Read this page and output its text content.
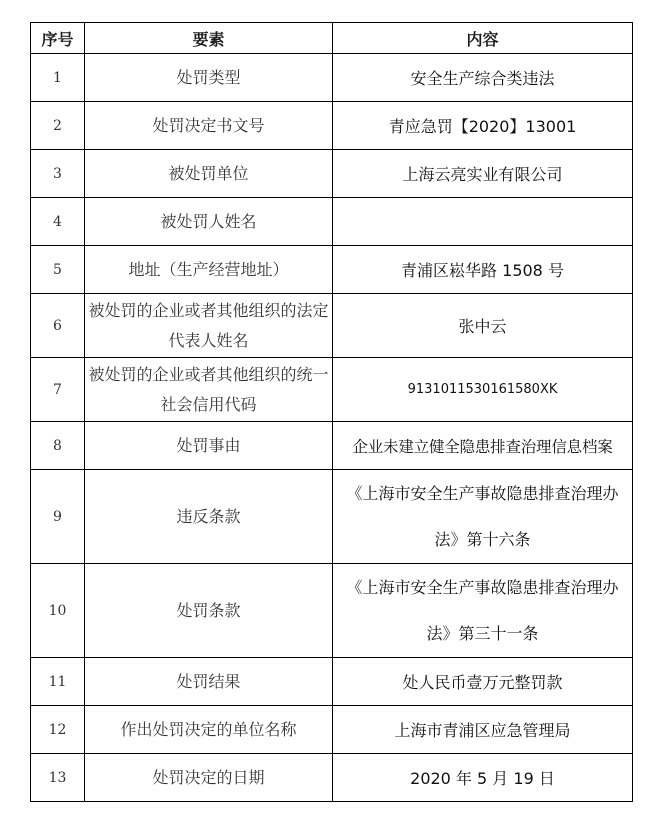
序号	要素	内容
1	处罚类型	安全生产综合类违法
2	处罚决定书文号	青应急罚【2020】13001
3	被处罚单位	上海云亮实业有限公司
4	被处罚人姓名	
5	地址（生产经营地址）	青浦区崧华路 1508 号
6	被处罚的企业或者其他组织的法定代表人姓名	张中云
7	被处罚的企业或者其他组织的统一社会信用代码	9131011530161580XK
8	处罚事由	企业未建立健全隐患排查治理信息档案
9	违反条款	《上海市安全生产事故隐患排查治理办法》第十六条
10	处罚条款	《上海市安全生产事故隐患排查治理办法》第三十一条
11	处罚结果	处人民币壹万元整罚款
12	作出处罚决定的单位名称	上海市青浦区应急管理局
13	处罚决定的日期	2020 年 5 月 19 日
